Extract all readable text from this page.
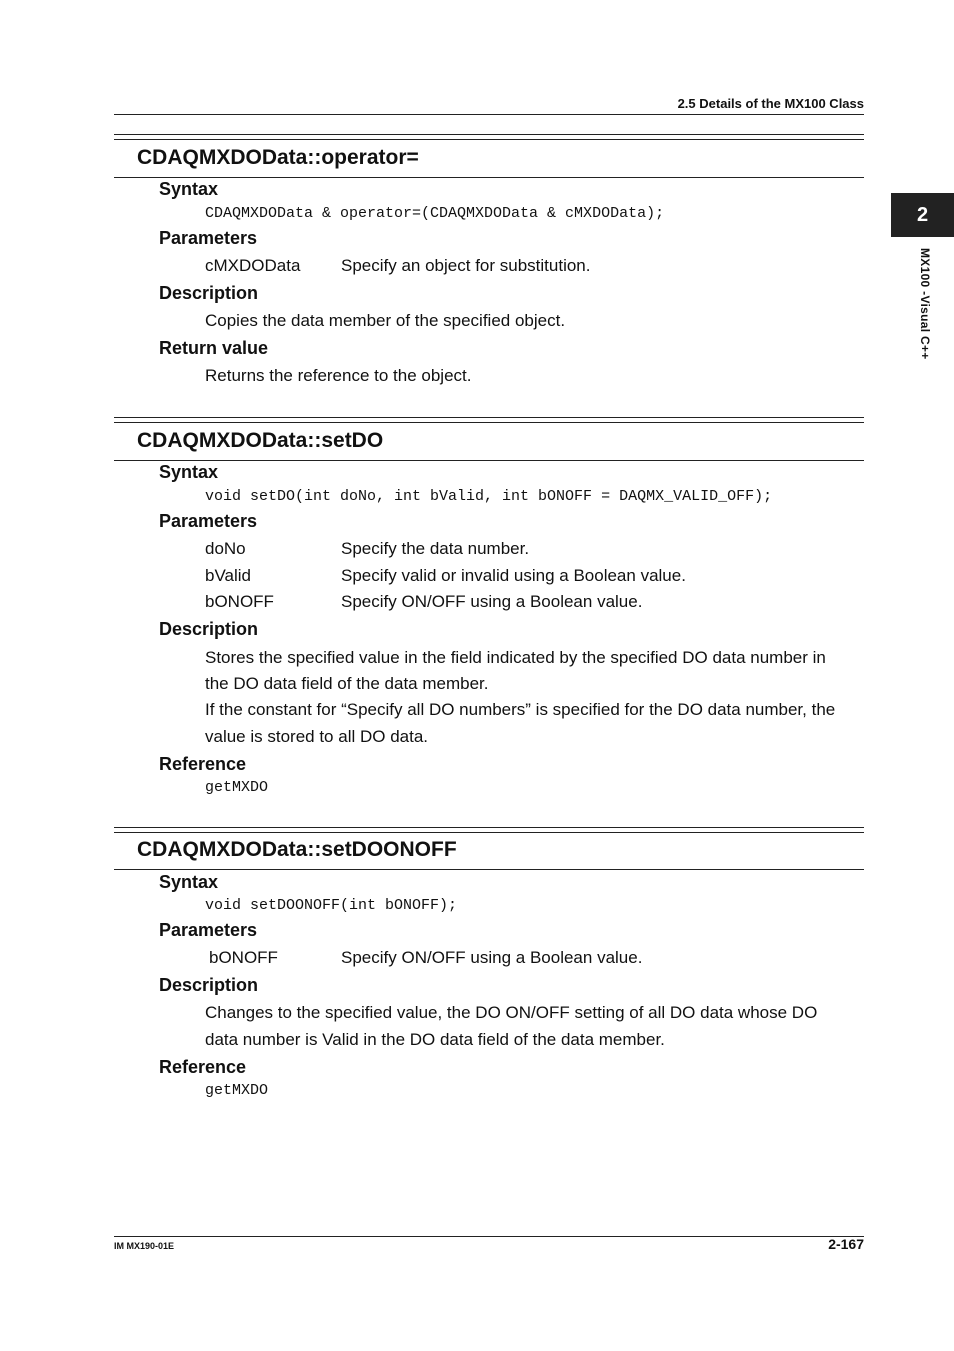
2.5 Details of the MX100 Class
2
MX100 -Visual C++
CDAQMXDOData::operator=
Syntax
CDAQMXDOData & operator=(CDAQMXDOData & cMXDOData);
Parameters
cMXDOData Specify an object for substitution.
Description
Copies the data member of the specified object.
Return value
Returns the reference to the object.
CDAQMXDOData::setDO
Syntax
void setDO(int doNo, int bValid, int bONOFF = DAQMX_VALID_OFF);
Parameters
doNo	Specify the data number.
bValid	Specify valid or invalid using a Boolean value.
bONOFF	Specify ON/OFF using a Boolean value.
Description
Stores the specified value in the field indicated by the specified DO data number in
the DO data field of the data member.
If the constant for “Specify all DO numbers” is specified for the DO data number, the
value is stored to all DO data.
Reference
getMXDO
CDAQMXDOData::setDOONOFF
Syntax
void setDOONOFF(int bONOFF);
Parameters
bONOFF	Specify ON/OFF using a Boolean value.
Description
Changes to the specified value, the DO ON/OFF setting of all DO data whose DO
data number is Valid in the DO data field of the data member.
Reference
getMXDO
IM MX190-01E	2-167
